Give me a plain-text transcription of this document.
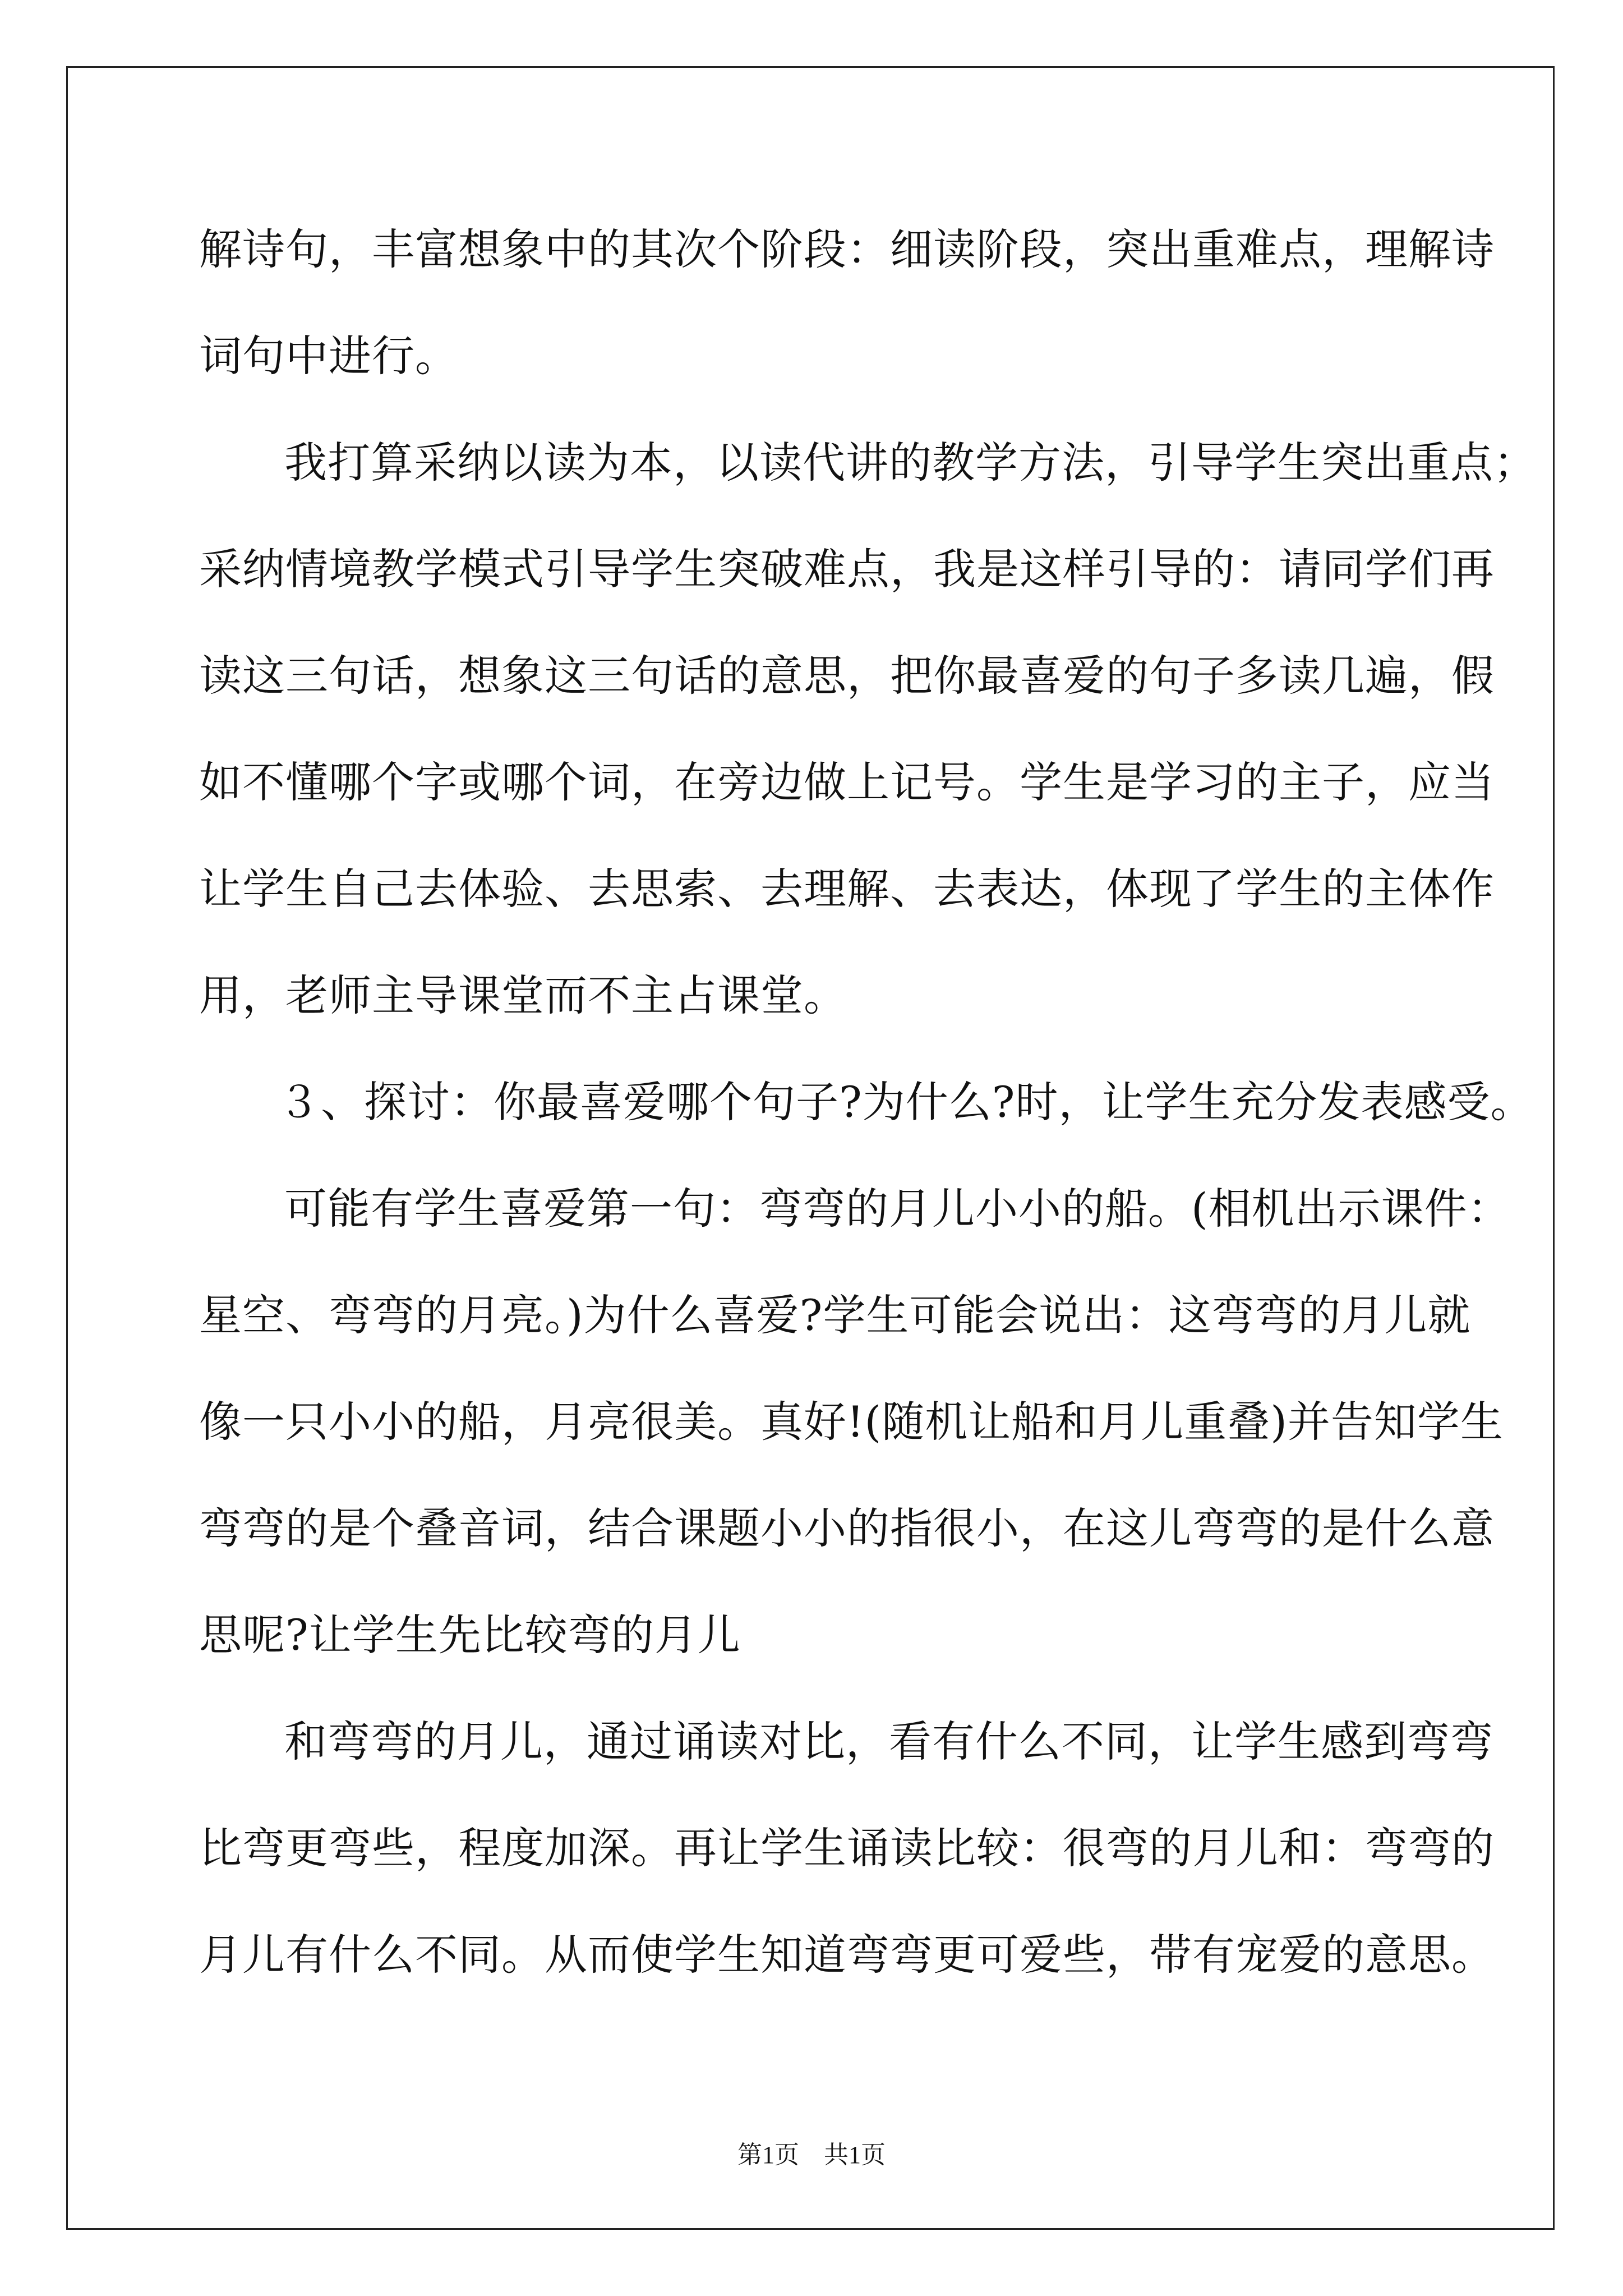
解诗句，丰富想象中的其次个阶段：细读阶段，突出重难点，理解诗
词句中进行。
我打算采纳以读为本，以读代讲的教学方法，引导学生突出重点；
采纳情境教学模式引导学生突破难点，我是这样引导的：请同学们再
读这三句话，想象这三句话的意思，把你最喜爱的句子多读几遍，假
如不懂哪个字或哪个词，在旁边做上记号。学生是学习的主子，应当
让学生自己去体验、去思索、去理解、去表达，体现了学生的主体作
用，老师主导课堂而不主占课堂。
３、探讨：你最喜爱哪个句子?为什么?时，让学生充分发表感受。
可能有学生喜爱第一句：弯弯的月儿小小的船。(相机出示课件：
星空、弯弯的月亮。)为什么喜爱?学生可能会说出：这弯弯的月儿就
像一只小小的船，月亮很美。真好!(随机让船和月儿重叠)并告知学生
弯弯的是个叠音词，结合课题小小的指很小，在这儿弯弯的是什么意
思呢?让学生先比较弯的月儿
和弯弯的月儿，通过诵读对比，看有什么不同，让学生感到弯弯
比弯更弯些，程度加深。再让学生诵读比较：很弯的月儿和：弯弯的
月儿有什么不同。从而使学生知道弯弯更可爱些，带有宠爱的意思。
第1页　共1页
